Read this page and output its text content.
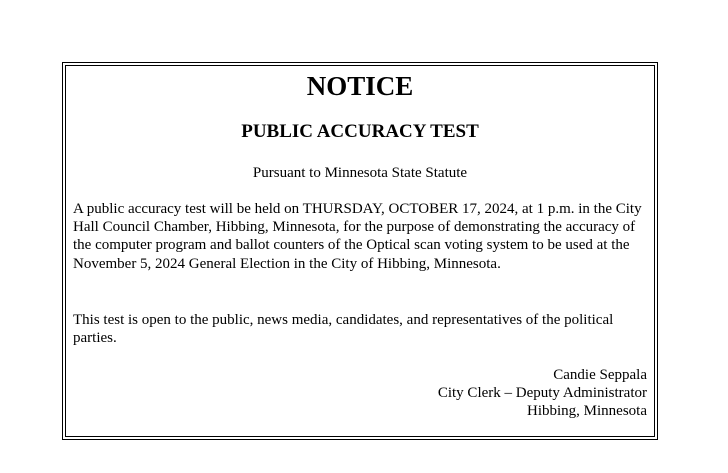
NOTICE
PUBLIC ACCURACY TEST

Pursuant to Minnesota State Statute

A public accuracy test will be held on THURSDAY, OCTOBER 17, 2024, at 1 p.m. in the City Hall Council Chamber, Hibbing, Minnesota, for the purpose of demonstrating the accuracy of the computer program and ballot counters of the Optical scan voting system to be used at the November 5, 2024 General Election in the City of Hibbing, Minnesota.

This test is open to the public, news media, candidates, and representatives of the political parties.

Candie Seppala
City Clerk – Deputy Administrator
Hibbing, Minnesota
